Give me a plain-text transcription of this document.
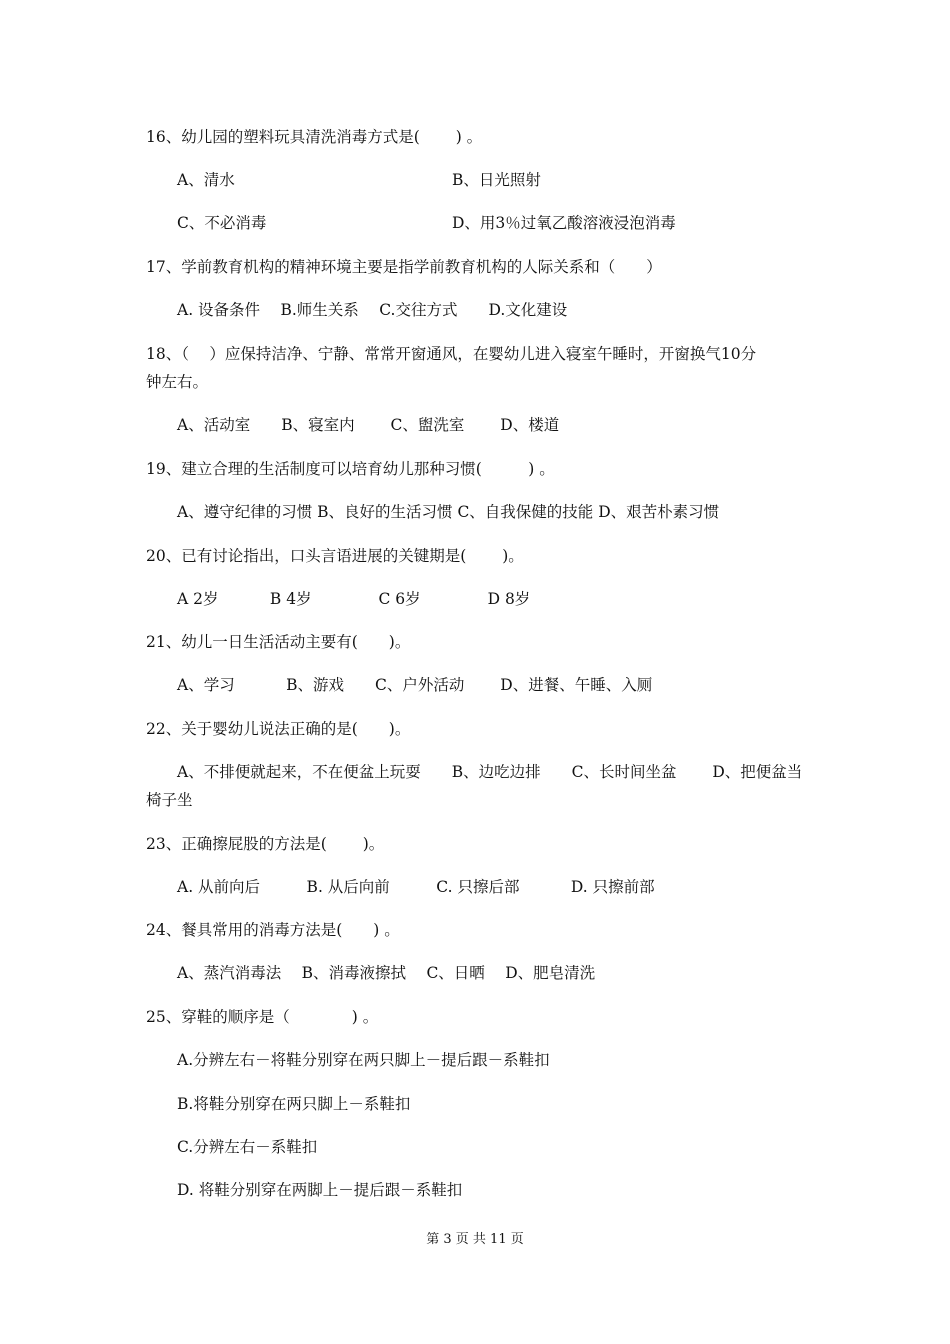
16、幼儿园的塑料玩具清洗消毒方式是(　　 ) 。
A、清水	B、日光照射
C、不必消毒	D、用3％过氧乙酸溶液浸泡消毒
17、学前教育机构的精神环境主要是指学前教育机构的人际关系和（　　）
A. 设备条件　 B.师生关系　 C.交往方式　　D.文化建设
18、（　 ）应保持洁净、宁静、常常开窗通风，在婴幼儿进入寝室午睡时，开窗换气10分
钟左右。
A、活动室　　B、寝室内　　 C、盥洗室　　 D、楼道
19、建立合理的生活制度可以培育幼儿那种习惯(　　　) 。
A、遵守纪律的习惯 B、良好的生活习惯 C、自我保健的技能 D、艰苦朴素习惯
20、已有讨论指出，口头言语进展的关键期是(　　 )。
A 2岁　　　 B 4岁　　　　 C 6岁　　　　 D 8岁
21、幼儿一日生活活动主要有(　　)。
A、学习　　　 B、游戏　　C、户外活动　　 D、进餐、午睡、入厕
22、关于婴幼儿说法正确的是(　　)。
A、不排便就起来，不在便盆上玩耍　　B、边吃边排　　C、长时间坐盆　　 D、把便盆当
椅子坐
23、正确擦屁股的方法是(　　 )。
A. 从前向后　　　B. 从后向前　　　C. 只擦后部　　　 D. 只擦前部
24、餐具常用的消毒方法是(　　) 。
A、蒸汽消毒法　 B、消毒液擦拭　 C、日晒　 D、肥皂清洗
25、穿鞋的顺序是（　　　　) 。
A.分辨左右－将鞋分别穿在两只脚上－提后跟－系鞋扣
B.将鞋分别穿在两只脚上－系鞋扣
C.分辨左右－系鞋扣
D. 将鞋分别穿在两脚上－提后跟－系鞋扣
第 3 页 共 11 页
